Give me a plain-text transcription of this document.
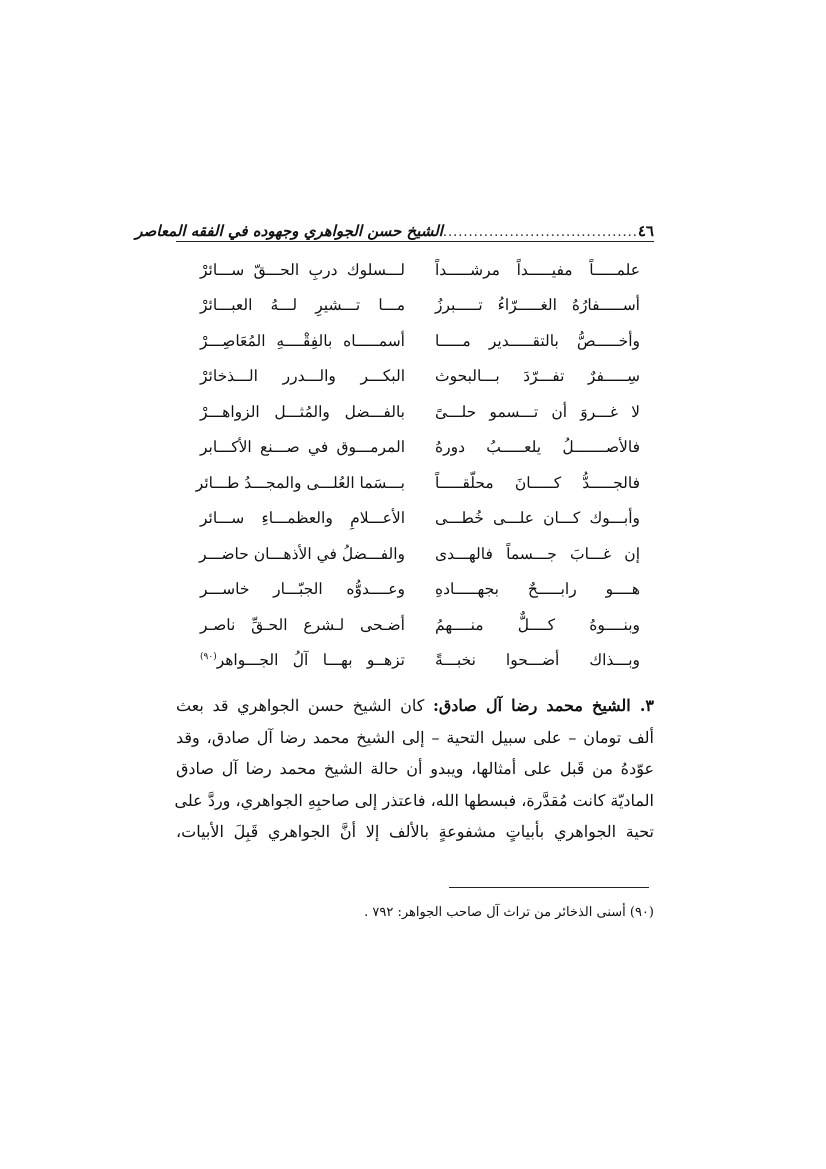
٤٦
......................................
الشيخ حسن الجواهري وجهوده في الفقه المعاصر
علمـــــاً مفيـــــداً مرشـــــداً
لـــسلوك دربِ الحـــقّ ســـائرْ
أســـــفارُهُ الغـــــرّاءُ تـــــبرزُ
مـــا تـــشيرِ لـــهُ العبـــائرْ
وأخـــــصُّ بالتقـــــدير مـــــا
أسمـــــاه بالفِقْــــهِ المُعَاصِـــرْ
سِـــــفرٌ تفـــرّدَ بـــالبحوث
البكـــر والـــدرر الـــذخائرْ
لا غـــروَ أن تـــسمو حلـــىً
بالفـــضل والمُثـــل الزواهـــرْ
فالأصـــــــلُ يلعـــــبُ دورهُ
المرمـــوق في صـــنع الأكـــابر
فالجـــــدُّ كـــــانَ محلّقـــــاً
بـــسَما العُلـــى والمجـــدُ طـــائر
وأبـــوك كـــان علـــى خُطـــى
الأعـــلامِ والعظمـــاءِ ســـائر
إن غـــابَ جـــسماً فالهـــدى
والفـــضلُ في الأذهـــان حاضـــر
هــــو رابـــــحٌ بجهـــــادهِ
وعــــدوُّه الجبّـــار خاســـر
وبنــــوهُ كــــلٌّ منــــهمُ
أضـحى لـشرع الحـقِّ ناصـر
وبـــذاك أضـــحوا نخبـــةً
تزهــو بهـــا آلُ الجـــواهر$^{(٩٠)}$
٣. الشيخ محمد رضا آل صادق: كان الشيخ حسن الجواهري قد بعث
ألف تومان – على سبيل التحية – إلى الشيخ محمد رضا آل صادق، وقد
عوّدهُ من قَبل على أمثالها، ويبدو أن حالة الشيخ محمد رضا آل صادق
الماديّة كانت مُقدَّرة، فبسطها الله، فاعتذر إلى صاحبِهِ الجواهري، وردَّ على
تحية الجواهري بأبياتٍ مشفوعةٍ بالألف إلا أنَّ الجواهري قَبِلَ الأبيات،
(٩٠) أسنى الذخائر من تراث آل صاحب الجواهر: ٧٩٢ .
